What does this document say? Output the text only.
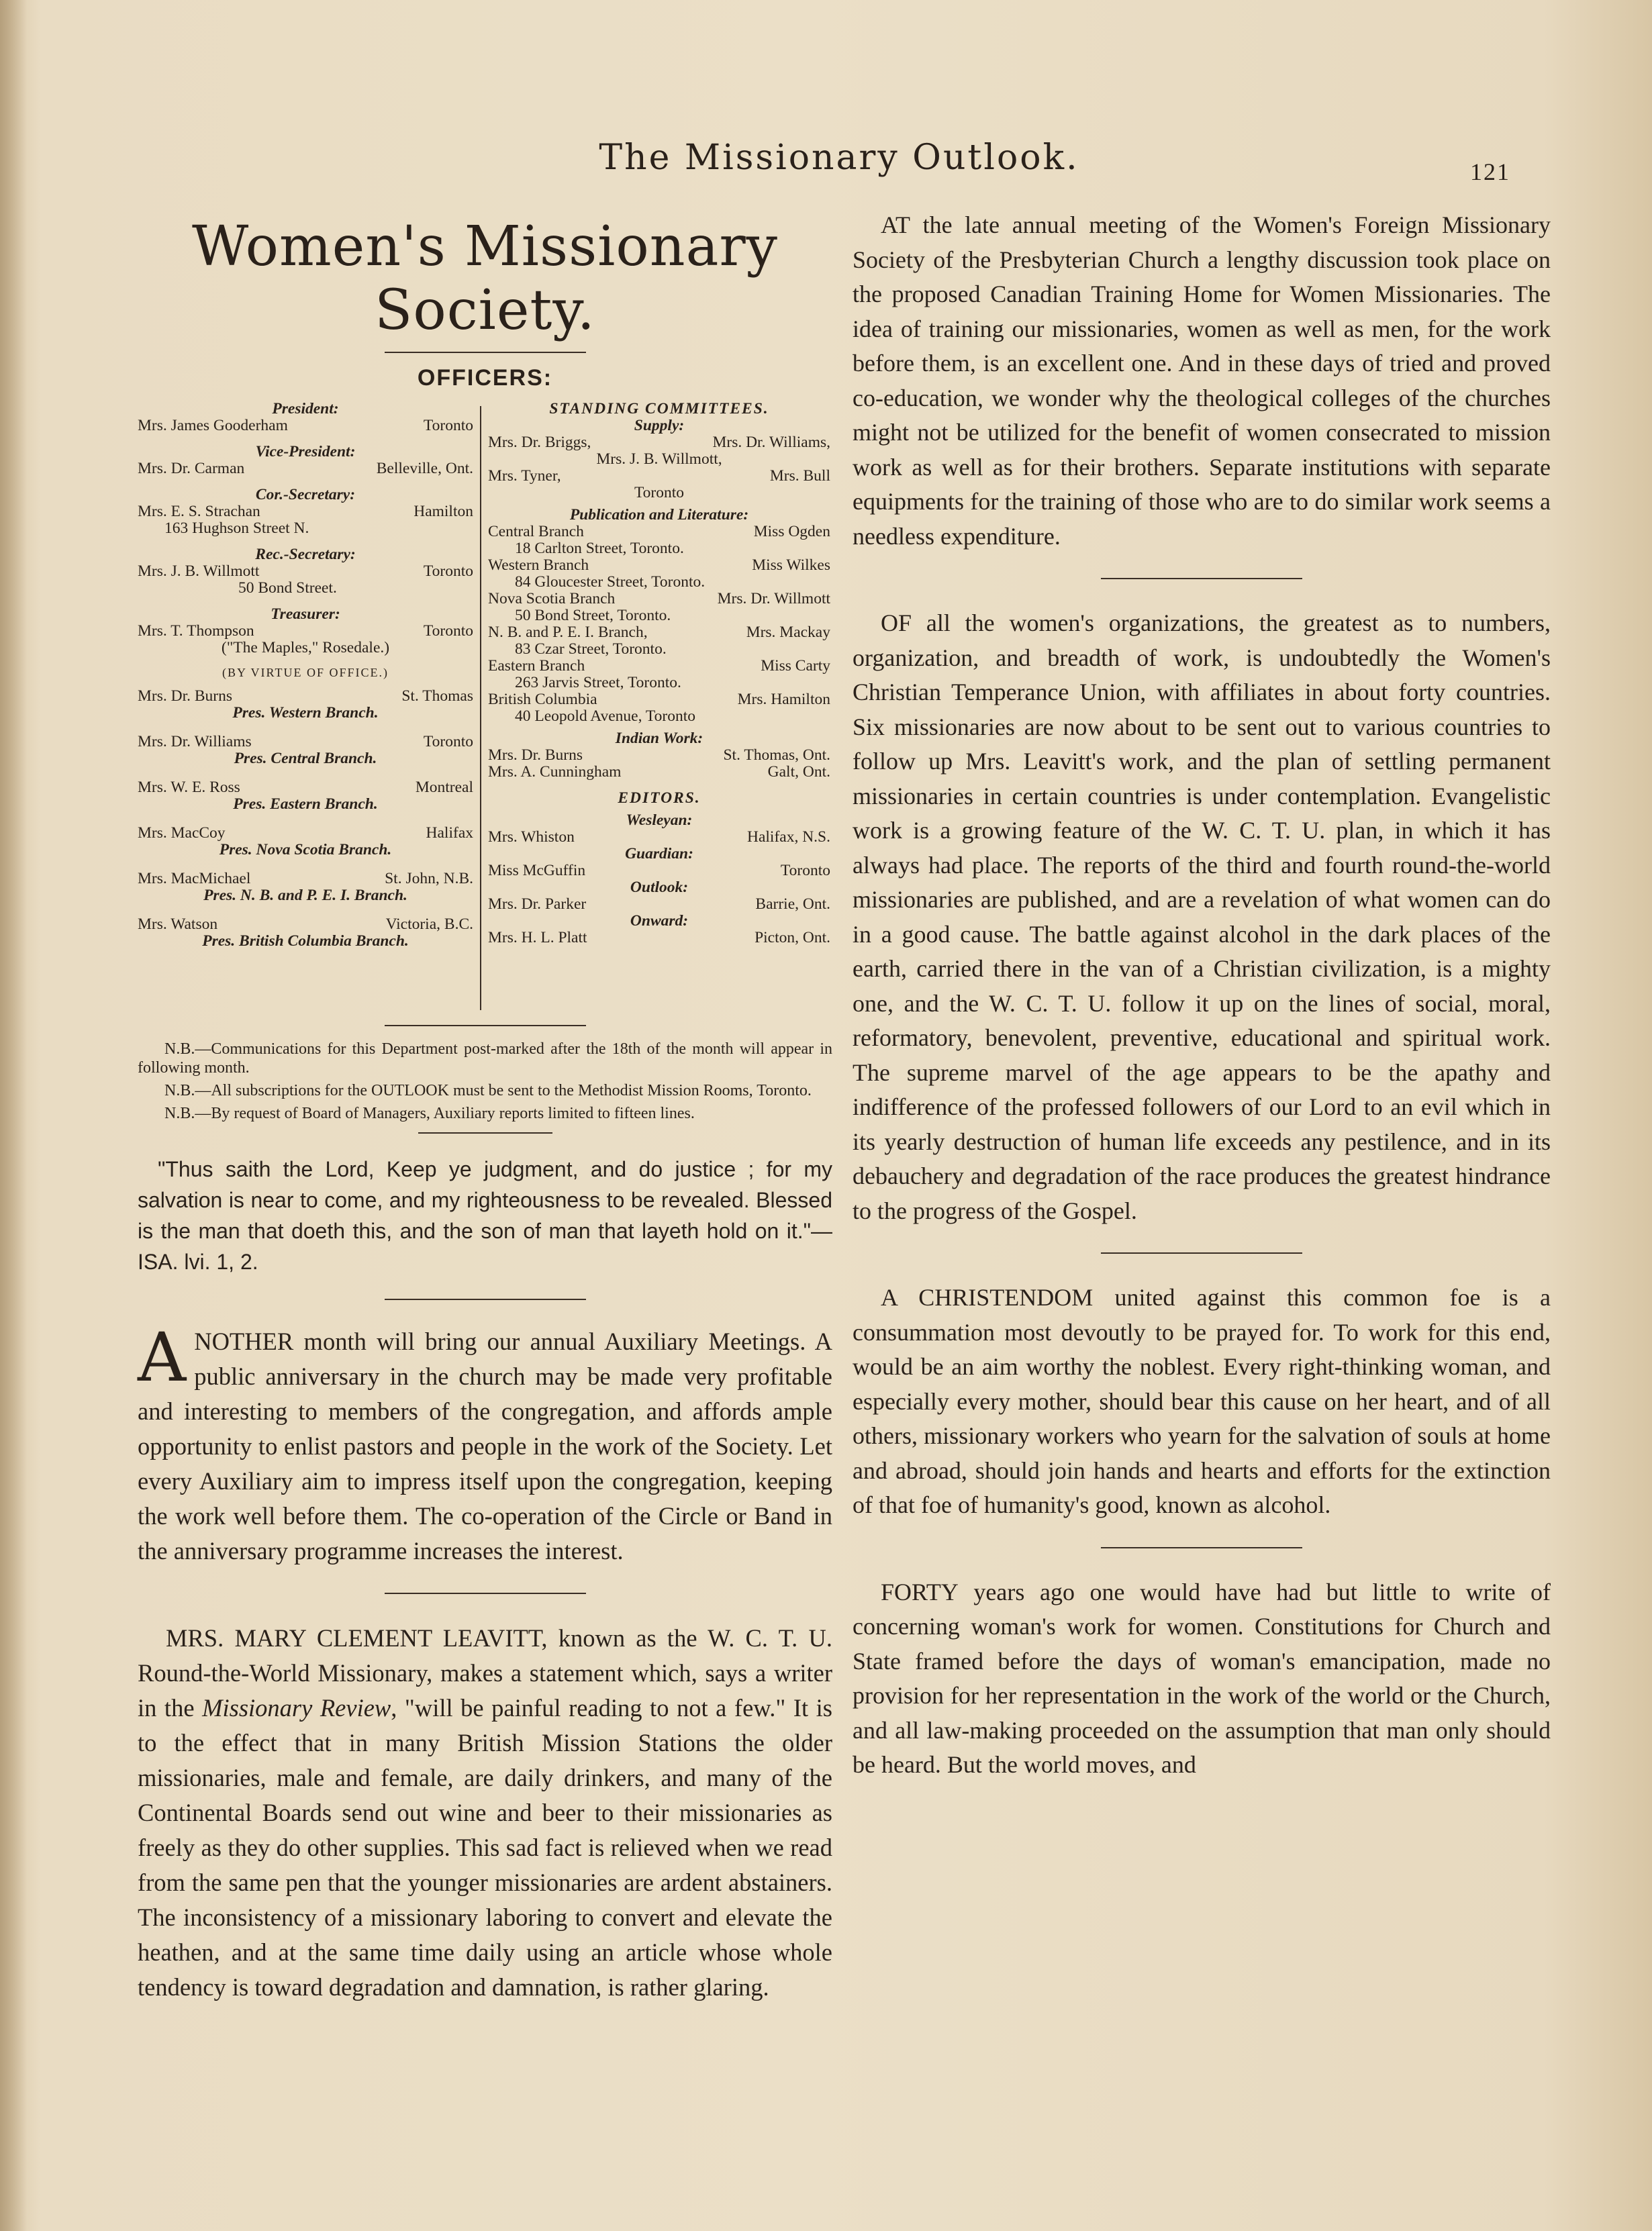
The Missionary Outlook.	121
Women's Missionary Society.
OFFICERS:
President:
Mrs. James Gooderham	Toronto
Vice-President:
Mrs. Dr. Carman	Belleville, Ont.
Cor.-Secretary:
Mrs. E. S. Strachan	Hamilton
163 Hughson Street N.
Rec.-Secretary:
Mrs. J. B. Willmott	Toronto
50 Bond Street.
Treasurer:
Mrs. T. Thompson	Toronto
("The Maples," Rosedale.)
(BY VIRTUE OF OFFICE.)
Mrs. Dr. Burns	St. Thomas
Pres. Western Branch.
Mrs. Dr. Williams	Toronto
Pres. Central Branch.
Mrs. W. E. Ross	Montreal
Pres. Eastern Branch.
Mrs. MacCoy	Halifax
Pres. Nova Scotia Branch.
Mrs. MacMichael	St. John, N.B.
Pres. N. B. and P. E. I. Branch.
Mrs. Watson	Victoria, B.C.
Pres. British Columbia Branch.
STANDING COMMITTEES.
Supply:
Mrs. Dr. Briggs,	Mrs. Dr. Williams,
Mrs. J. B. Willmott,
Mrs. Tyner,	Mrs. Bull
Toronto
Publication and Literature:
Central Branch	Miss Ogden
18 Carlton Street, Toronto.
Western Branch	Miss Wilkes
84 Gloucester Street, Toronto.
Nova Scotia Branch	Mrs. Dr. Willmott
50 Bond Street, Toronto.
N. B. and P. E. I. Branch,	Mrs. Mackay
83 Czar Street, Toronto.
Eastern Branch	Miss Carty
263 Jarvis Street, Toronto.
British Columbia	Mrs. Hamilton
40 Leopold Avenue, Toronto
Indian Work:
Mrs. Dr. Burns	St. Thomas, Ont.
Mrs. A. Cunningham	Galt, Ont.
EDITORS.
Wesleyan:
Mrs. Whiston	Halifax, N.S.
Guardian:
Miss McGuffin	Toronto
Outlook:
Mrs. Dr. Parker	Barrie, Ont.
Onward:
Mrs. H. L. Platt	Picton, Ont.

N.B.—Communications for this Department post-marked after the 18th of the month will appear in following month.

N.B.—All subscriptions for the OUTLOOK must be sent to the Methodist Mission Rooms, Toronto.

N.B.—By request of Board of Managers, Auxiliary reports limited to fifteen lines.

"Thus saith the Lord, Keep ye judgment, and do justice ; for my salvation is near to come, and my righteousness to be revealed. Blessed is the man that doeth this, and the son of man that layeth hold on it."—ISA. lvi. 1, 2.

ANOTHER month will bring our annual Auxiliary Meetings. A public anniversary in the church may be made very profitable and interesting to members of the congregation, and affords ample opportunity to enlist pastors and people in the work of the Society. Let every Auxiliary aim to impress itself upon the congregation, keeping the work well before them. The co-operation of the Circle or Band in the anniversary programme increases the interest.

MRS. MARY CLEMENT LEAVITT, known as the W. C. T. U. Round-the-World Missionary, makes a statement which, says a writer in the Missionary Review, "will be painful reading to not a few." It is to the effect that in many British Mission Stations the older missionaries, male and female, are daily drinkers, and many of the Continental Boards send out wine and beer to their missionaries as freely as they do other supplies. This sad fact is relieved when we read from the same pen that the younger missionaries are ardent abstainers. The inconsistency of a missionary laboring to convert and elevate the heathen, and at the same time daily using an article whose whole tendency is toward degradation and damnation, is rather glaring.

AT the late annual meeting of the Women's Foreign Missionary Society of the Presbyterian Church a lengthy discussion took place on the proposed Canadian Training Home for Women Missionaries. The idea of training our missionaries, women as well as men, for the work before them, is an excellent one. And in these days of tried and proved co-education, we wonder why the theological colleges of the churches might not be utilized for the benefit of women consecrated to mission work as well as for their brothers. Separate institutions with separate equipments for the training of those who are to do similar work seems a needless expenditure.

OF all the women's organizations, the greatest as to numbers, organization, and breadth of work, is undoubtedly the Women's Christian Temperance Union, with affiliates in about forty countries. Six missionaries are now about to be sent out to various countries to follow up Mrs. Leavitt's work, and the plan of settling permanent missionaries in certain countries is under contemplation. Evangelistic work is a growing feature of the W. C. T. U. plan, in which it has always had place. The reports of the third and fourth round-the-world missionaries are published, and are a revelation of what women can do in a good cause. The battle against alcohol in the dark places of the earth, carried there in the van of a Christian civilization, is a mighty one, and the W. C. T. U. follow it up on the lines of social, moral, reformatory, benevolent, preventive, educational and spiritual work. The supreme marvel of the age appears to be the apathy and indifference of the professed followers of our Lord to an evil which in its yearly destruction of human life exceeds any pestilence, and in its debauchery and degradation of the race produces the greatest hindrance to the progress of the Gospel.

A CHRISTENDOM united against this common foe is a consummation most devoutly to be prayed for. To work for this end, would be an aim worthy the noblest. Every right-thinking woman, and especially every mother, should bear this cause on her heart, and of all others, missionary workers who yearn for the salvation of souls at home and abroad, should join hands and hearts and efforts for the extinction of that foe of humanity's good, known as alcohol.

FORTY years ago one would have had but little to write of concerning woman's work for women. Constitutions for Church and State framed before the days of woman's emancipation, made no provision for her representation in the work of the world or the Church, and all law-making proceeded on the assumption that man only should be heard. But the world moves, and
